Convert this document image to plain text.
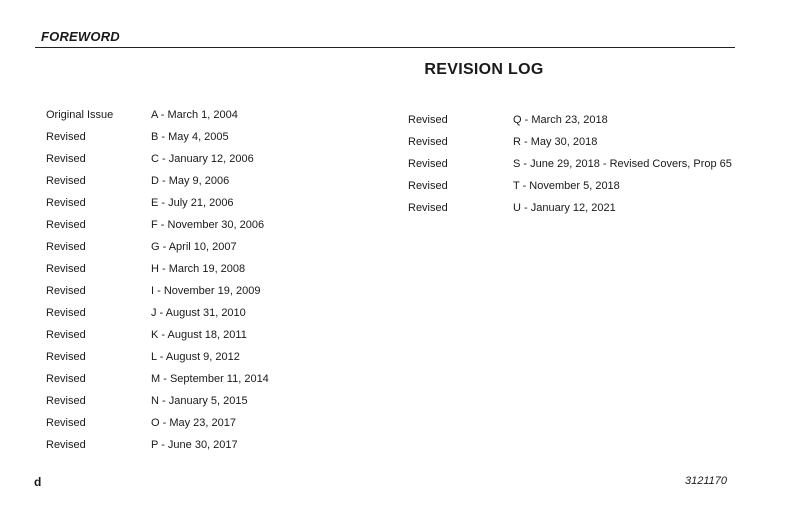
FOREWORD
REVISION LOG
Original Issue	A - March 1, 2004
Revised	B - May 4, 2005
Revised	C - January 12, 2006
Revised	D - May 9, 2006
Revised	E - July 21, 2006
Revised	F - November 30, 2006
Revised	G - April 10, 2007
Revised	H - March 19, 2008
Revised	I - November 19, 2009
Revised	J - August 31, 2010
Revised	K - August 18, 2011
Revised	L - August 9, 2012
Revised	M - September 11, 2014
Revised	N - January 5, 2015
Revised	O - May 23, 2017
Revised	P - June 30, 2017
Revised	Q - March 23, 2018
Revised	R - May 30, 2018
Revised	S - June 29, 2018 - Revised Covers, Prop 65
Revised	T - November 5, 2018
Revised	U - January 12, 2021
d	3121170
